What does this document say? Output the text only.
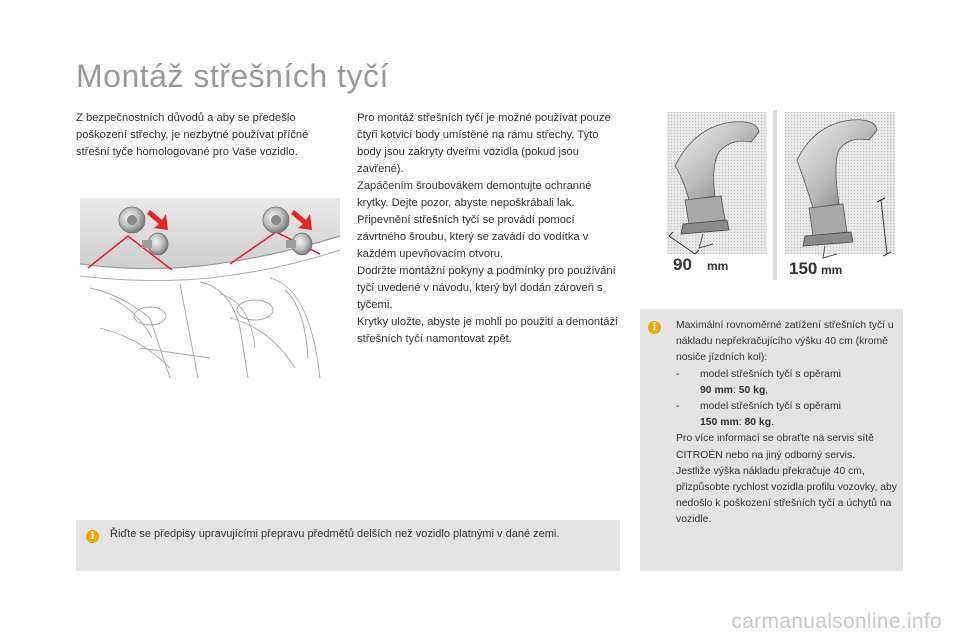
Montáž střešních tyčí

Z bezpečnostních důvodů a aby se předešlo poškození střechy, je nezbytné používat příčné střešní tyče homologované pro Vaše vozidlo.

Pro montáž střešních tyčí je možné používat pouze čtyři kotvicí body umístěné na rámu střechy. Tyto body jsou zakryty dveřmi vozidla (pokud jsou zavřené).

Zapáčením šroubovákem demontujte ochranné krytky. Dejte pozor, abyste nepoškrábali lak.

Připevnění střešních tyčí se provádí pomocí závrtného šroubu, který se zavádí do vodítka v každém upevňovacím otvoru.

Dodržte montážní pokyny a podmínky pro používání tyčí uvedené v návodu, který byl dodán zároveň s tyčemi.

Krytky uložte, abyste je mohli po použití a demontáži střešních tyčí namontovat zpět.

90 mm	150 mm
i	Maximální rovnoměrné zatížení střešních tyčí u nákladu nepřekračujícího výšku 40 cm (kromě nosiče jízdních kol):

-	model střešních tyčí s opěrami
90 mm: 50 kg,
-	model střešních tyčí s opěrami
150 mm: 80 kg.

Pro více informací se obraťte na servis sítě CITROËN nebo na jiný odborný servis.

Jestliže výška nákladu překračuje 40 cm, přizpůsobte rychlost vozidla profilu vozovky, aby nedošlo k poškození střešních tyčí a úchytů na vozidle.

i	Řiďte se předpisy upravujícími přepravu předmětů delších než vozidlo platnými v dané zemi.

carmanualsonline.info
